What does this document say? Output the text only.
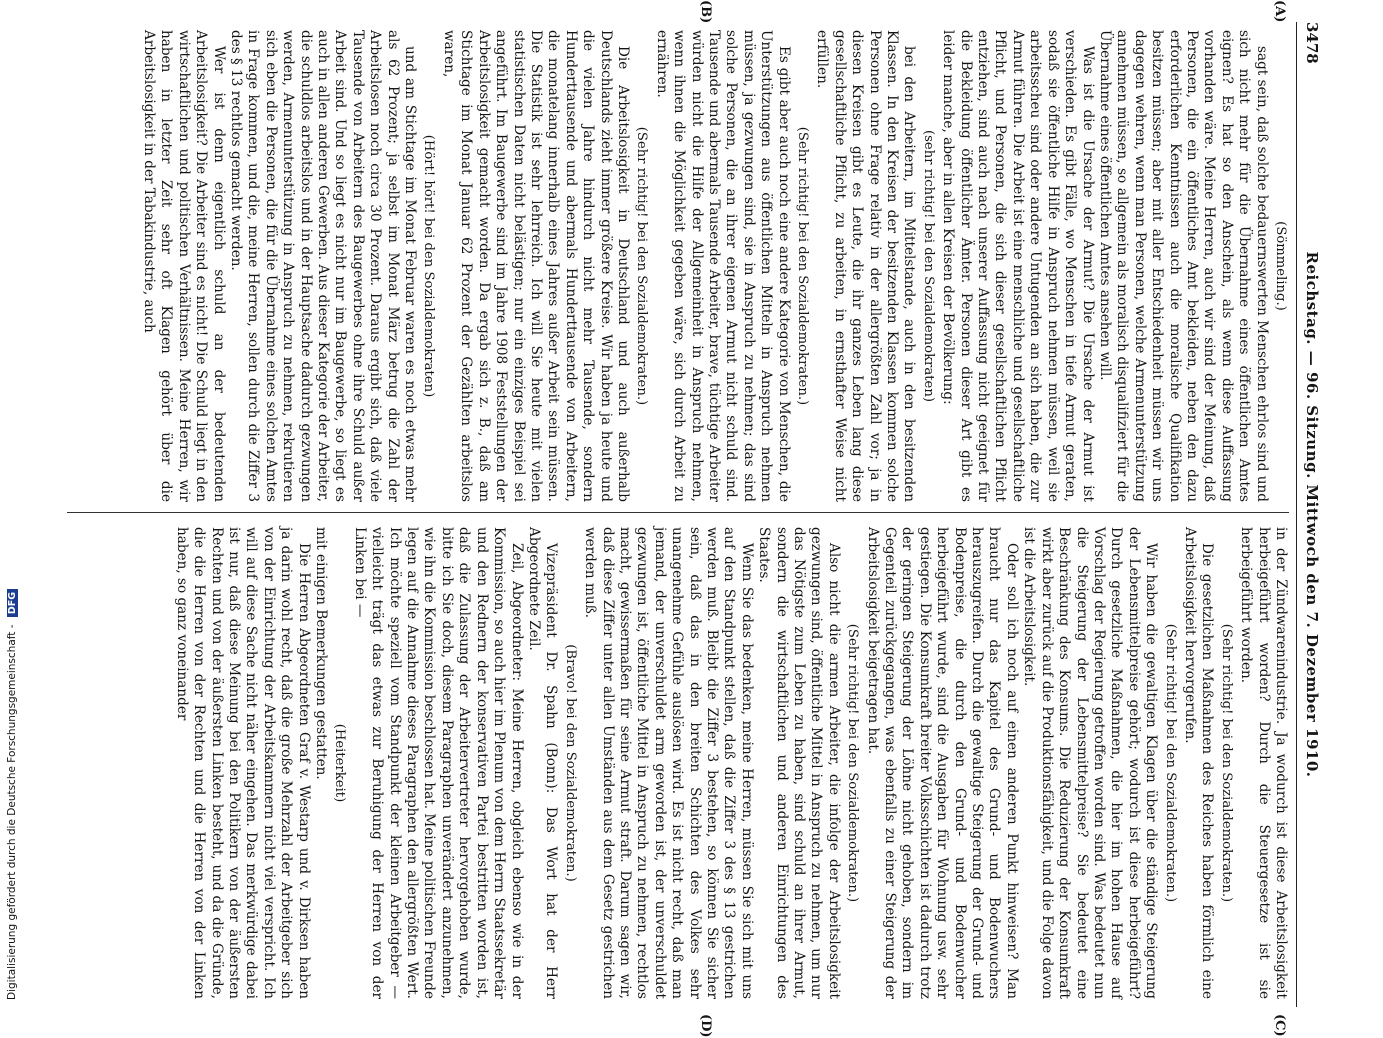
3478
Reichstag. — 96. Sitzung. Mittwoch den 7. Dezember 1910.
(A)
(B)
(C)
(D)

(Sömmeling.)

sagt sein, daß solche bedauernswerten Menschen ehrlos sind und sich nicht mehr für die Übernahme eines öffentlichen Amtes eignen? Es hat so den Anschein, als wenn diese Auffassung vorhanden wäre. Meine Herren, auch wir sind der Meinung, daß Personen, die ein öffentliches Amt bekleiden, neben den dazu erforderlichen Kenntnissen auch die moralische Qualifikation besitzen müssen; aber mit aller Entschiedenheit müssen wir uns dagegen wehren, wenn man Personen, welche Armenunterstützung annehmen müssen, so allgemein als moralisch disqualifiziert für die Übernahme eines öffentlichen Amtes ansehen will.

Was ist die Ursache der Armut? Die Ursache der Armut ist verschieden. Es gibt Fälle, wo Menschen in tiefe Armut geraten, sodaß sie öffentliche Hilfe in Anspruch nehmen müssen, weil sie arbeitsscheu sind oder andere Untugenden an sich haben, die zur Armut führen. Die Arbeit ist eine menschliche und gesellschaftliche Pflicht, und Personen, die sich dieser gesellschaftlichen Pflicht entziehen, sind auch nach unserer Auffassung nicht geeignet für die Bekleidung öffentlicher Ämter. Personen dieser Art gibt es leider manche, aber in allen Kreisen der Bevölkerung:

(sehr richtig! bei den Sozialdemokraten)

bei den Arbeitern, im Mittelstande, auch in den besitzenden Klassen. In den Kreisen der besitzenden Klassen kommen solche Personen ohne Frage relativ in der allergrößten Zahl vor; ja in diesen Kreisen gibt es Leute, die ihr ganzes Leben lang diese gesellschaftliche Pflicht, zu arbeiten, in ernsthafter Weise nicht erfüllen.

(Sehr richtig! bei den Sozialdemokraten.)

Es gibt aber auch noch eine andere Kategorie von Menschen, die Unterstützungen aus öffentlichen Mitteln in Anspruch nehmen müssen, ja gezwungen sind, sie in Anspruch zu nehmen; das sind solche Personen, die an ihrer eigenen Armut nicht schuld sind. Tausende und abermals Tausende Arbeiter, brave, tüchtige Arbeiter würden nicht die Hilfe der Allgemeinheit in Anspruch nehmen, wenn ihnen die Möglichkeit gegeben wäre, sich durch Arbeit zu ernähren.

(Sehr richtig! bei den Sozialdemokraten.)

Die Arbeitslosigkeit in Deutschland und auch außerhalb Deutschlands zieht immer größere Kreise. Wir haben ja heute und die vielen Jahre hindurch nicht mehr Tausende, sondern Hunderttausende und abermals Hunderttausende von Arbeitern, die monatelang innerhalb eines Jahres außer Arbeit sein müssen. Die Statistik ist sehr lehrreich. Ich will Sie heute mit vielen statistischen Daten nicht belästigen; nur ein einziges Beispiel sei angeführt. Im Baugewerbe sind im Jahre 1908 Feststellungen der Arbeitslosigkeit gemacht worden. Da ergab sich z. B., daß am Stichtage im Monat Januar 62 Prozent der Gezählten arbeitslos waren,

(Hört! hört! bei den Sozialdemokraten)

und am Stichtage im Monat Februar waren es noch etwas mehr als 62 Prozent; ja selbst im Monat März betrug die Zahl der Arbeitslosen noch circa 30 Prozent. Daraus ergibt sich, daß viele Tausende von Arbeitern des Baugewerbes ohne ihre Schuld außer Arbeit sind. Und so liegt es nicht nur im Baugewerbe, so liegt es auch in allen anderen Gewerben. Aus dieser Kategorie der Arbeiter, die schuldlos arbeitslos und in der Hauptsache dadurch gezwungen werden, Armenunterstützung in Anspruch zu nehmen, rekrutieren sich eben die Personen, die für die Übernahme eines solchen Amtes in Frage kommen, und die, meine Herren, sollen durch die Ziffer 3 des § 13 rechtlos gemacht werden.

Wer ist denn eigentlich schuld an der bedeutenden Arbeitslosigkeit? Die Arbeiter sind es nicht! Die Schuld liegt in den wirtschaftlichen und politischen Verhältnissen. Meine Herren, wir haben in letzter Zeit sehr oft Klagen gehört über die Arbeitslosigkeit in der Tabakindustrie, auch

in der Zündwarenindustrie. Ja wodurch ist diese Arbeitslosigkeit herbeigeführt worden? Durch die Steuergesetze ist sie herbeigeführt worden.

(Sehr richtig! bei den Sozialdemokraten.)

Die gesetzlichen Maßnahmen des Reiches haben förmlich eine Arbeitslosigkeit hervorgerufen.

(Sehr richtig! bei den Sozialdemokraten.)

Wir haben die gewaltigen Klagen über die ständige Steigerung der Lebensmittelpreise gehört; wodurch ist diese herbeigeführt? Durch gesetzliche Maßnahmen, die hier im hohen Hause auf Vorschlag der Regierung getroffen worden sind. Was bedeutet nun die Steigerung der Lebensmittelpreise? Sie bedeutet eine Beschränkung des Konsums. Die Reduzierung der Konsumkraft wirkt aber zurück auf die Produktionsfähigkeit, und die Folge davon ist die Arbeitslosigkeit.

Oder soll ich noch auf einen anderen Punkt hinweisen? Man braucht nur das Kapitel des Grund- und Bodenwuchers herauszugreifen. Durch die gewaltige Steigerung der Grund- und Bodenpreise, die durch den Grund- und Bodenwucher herbeigeführt wurde, sind die Ausgaben für Wohnung usw. sehr gestiegen. Die Konsumkraft breiter Volksschichten ist dadurch trotz der geringen Steigerung der Löhne nicht gehoben, sondern im Gegenteil zurückgegangen, was ebenfalls zu einer Steigerung der Arbeitslosigkeit beigetragen hat.

(Sehr richtig! bei den Sozialdemokraten.)

Also nicht die armen Arbeiter, die infolge der Arbeitslosigkeit gezwungen sind, öffentliche Mittel in Anspruch zu nehmen, um nur das Nötigste zum Leben zu haben, sind schuld an ihrer Armut, sondern die wirtschaftlichen und anderen Einrichtungen des Staates.

Wenn Sie das bedenken, meine Herren, müssen Sie sich mit uns auf den Standpunkt stellen, daß die Ziffer 3 des § 13 gestrichen werden muß. Bleibt die Ziffer 3 bestehen, so können Sie sicher sein, daß das in den breiten Schichten des Volkes sehr unangenehme Gefühle auslösen wird. Es ist nicht recht, daß man jemand, der unverschuldet arm geworden ist, der unverschuldet gezwungen ist, öffentliche Mittel in Anspruch zu nehmen, rechtlos macht, gewissermaßen für seine Armut straft. Darum sagen wir, daß diese Ziffer unter allen Umständen aus dem Gesetz gestrichen werden muß.

(Bravo! bei den Sozialdemokraten.)

Vizepräsident Dr. Spahn (Bonn): Das Wort hat der Herr Abgeordnete Zeil.

Zeil, Abgeordneter: Meine Herren, obgleich ebenso wie in der Kommission, so auch hier im Plenum von dem Herrn Staatssekretär und den Rednern der konservativen Partei bestritten worden ist, daß die Zulassung der Arbeitervertreter hervorgehoben wurde, bitte ich Sie doch, diesem Paragraphen unverändert anzunehmen, wie ihn die Kommission beschlossen hat. Meine politischen Freunde legen auf die Annahme dieses Paragraphen den allergrößten Wert. Ich möchte speziell vom Standpunkt der kleinen Arbeitgeber — vielleicht trägt das etwas zur Beruhigung der Herren von der Linken bei —

(Heiterkeit)

mit einigen Bemerkungen gestatten.

Die Herren Abgeordneten Graf v. Westarp und v. Dirksen haben ja darin wohl recht, daß die große Mehrzahl der Arbeitgeber sich von der Einrichtung der Arbeitskammern nicht viel verspricht. Ich will auf diese Sache nicht näher eingehen. Das merkwürdige dabei ist nur, daß diese Meinung bei den Politikern von der äußersten Rechten und von der äußersten Linken besteht, und da die Gründe, die die Herren von der Rechten und die Herren von der Linken haben, so ganz voneinander

Digitalisierung gefördert durch die Deutsche Forschungsgemeinschaft - DFG
